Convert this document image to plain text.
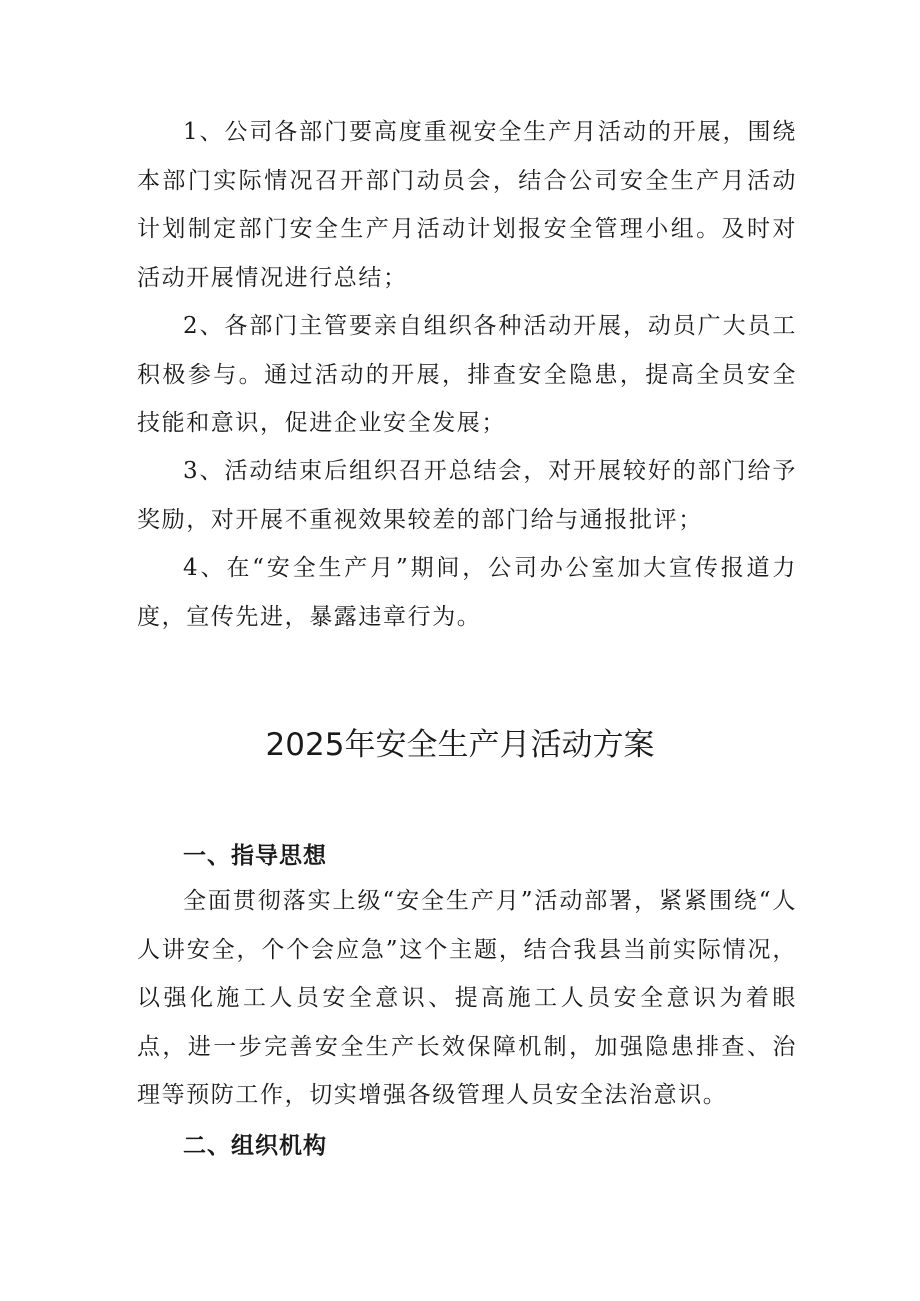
1、公司各部门要高度重视安全生产月活动的开展，围绕本部门实际情况召开部门动员会，结合公司安全生产月活动计划制定部门安全生产月活动计划报安全管理小组。及时对活动开展情况进行总结；

2、各部门主管要亲自组织各种活动开展，动员广大员工积极参与。通过活动的开展，排查安全隐患，提高全员安全技能和意识，促进企业安全发展；

3、活动结束后组织召开总结会，对开展较好的部门给予奖励，对开展不重视效果较差的部门给与通报批评；

4、在“安全生产月”期间，公司办公室加大宣传报道力度，宣传先进，暴露违章行为。

2025年安全生产月活动方案
一、指导思想

全面贯彻落实上级“安全生产月”活动部署，紧紧围绕“人人讲安全，个个会应急”这个主题，结合我县当前实际情况，以强化施工人员安全意识、提高施工人员安全意识为着眼点，进一步完善安全生产长效保障机制，加强隐患排查、治理等预防工作，切实增强各级管理人员安全法治意识。

二、组织机构
